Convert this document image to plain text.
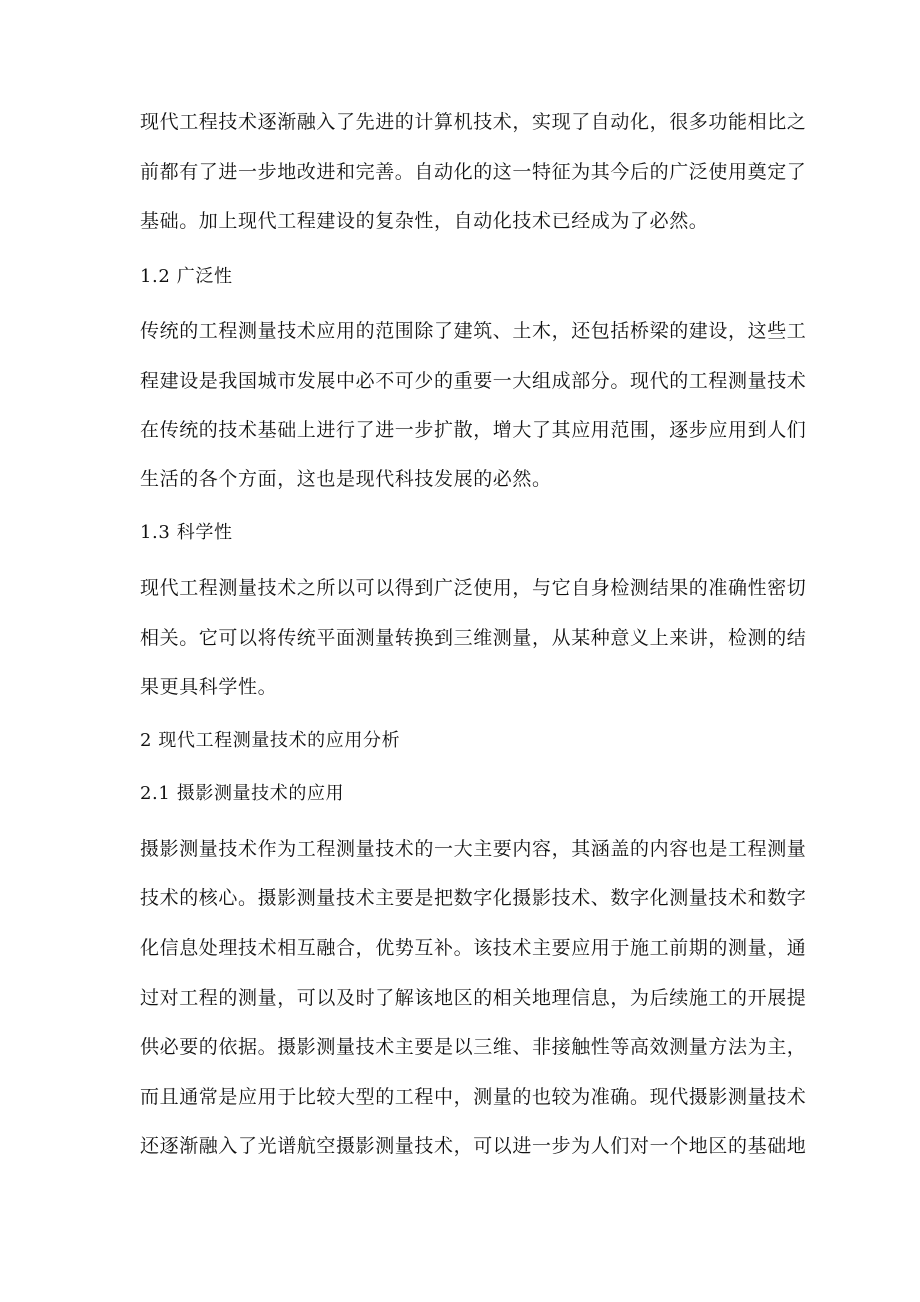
现代工程技术逐渐融入了先进的计算机技术，实现了自动化，很多功能相比之
前都有了进一步地改进和完善。自动化的这一特征为其今后的广泛使用奠定了
基础。加上现代工程建设的复杂性，自动化技术已经成为了必然。
1.2 广泛性
传统的工程测量技术应用的范围除了建筑、土木，还包括桥梁的建设，这些工
程建设是我国城市发展中必不可少的重要一大组成部分。现代的工程测量技术
在传统的技术基础上进行了进一步扩散，增大了其应用范围，逐步应用到人们
生活的各个方面，这也是现代科技发展的必然。
1.3 科学性
现代工程测量技术之所以可以得到广泛使用，与它自身检测结果的准确性密切
相关。它可以将传统平面测量转换到三维测量，从某种意义上来讲，检测的结
果更具科学性。
2 现代工程测量技术的应用分析
2.1 摄影测量技术的应用
摄影测量技术作为工程测量技术的一大主要内容，其涵盖的内容也是工程测量
技术的核心。摄影测量技术主要是把数字化摄影技术、数字化测量技术和数字
化信息处理技术相互融合，优势互补。该技术主要应用于施工前期的测量，通
过对工程的测量，可以及时了解该地区的相关地理信息，为后续施工的开展提
供必要的依据。摄影测量技术主要是以三维、非接触性等高效测量方法为主，
而且通常是应用于比较大型的工程中，测量的也较为准确。现代摄影测量技术
还逐渐融入了光谱航空摄影测量技术，可以进一步为人们对一个地区的基础地
